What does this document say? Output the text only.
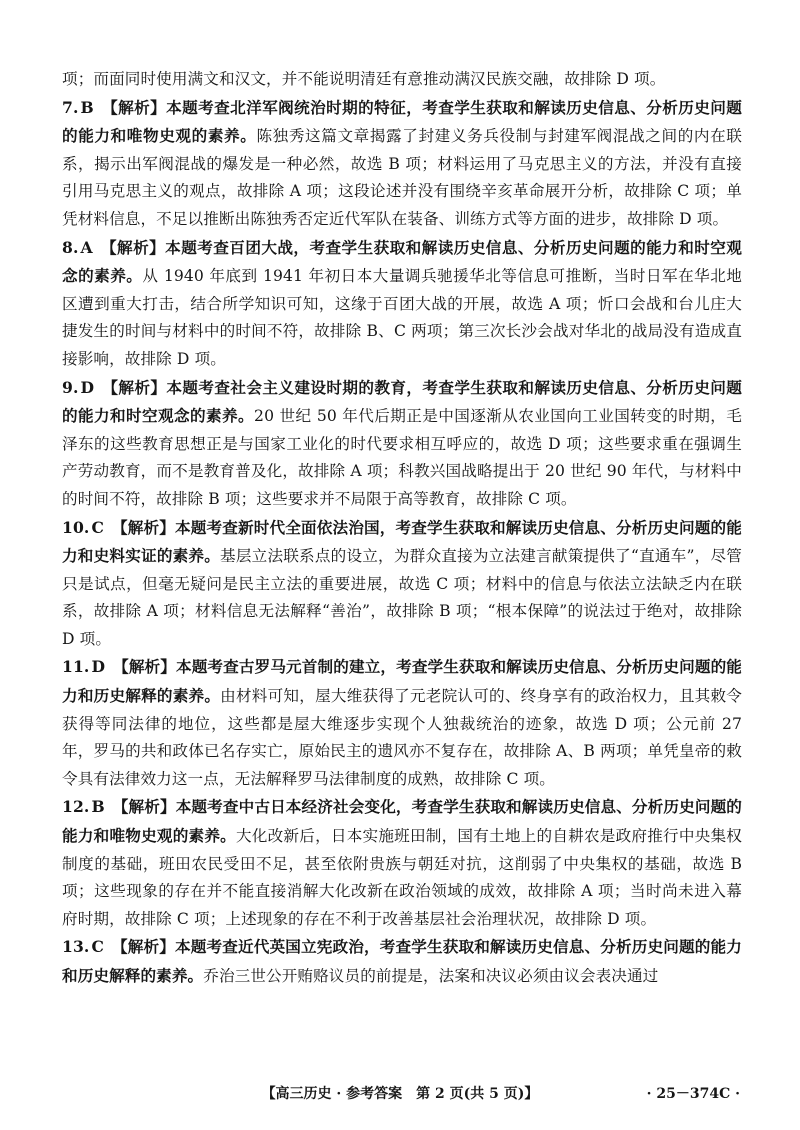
项；而面同时使用满文和汉文，并不能说明清廷有意推动满汉民族交融，故排除 D 项。

7. B 【解析】本题考查北洋军阀统治时期的特征，考查学生获取和解读历史信息、分析历史问题的能力和唯物史观的素养。陈独秀这篇文章揭露了封建义务兵役制与封建军阀混战之间的内在联系，揭示出军阀混战的爆发是一种必然，故选 B 项；材料运用了马克思主义的方法，并没有直接引用马克思主义的观点，故排除 A 项；这段论述并没有围绕辛亥革命展开分析，故排除 C 项；单凭材料信息，不足以推断出陈独秀否定近代军队在装备、训练方式等方面的进步，故排除 D 项。

8. A 【解析】本题考查百团大战，考查学生获取和解读历史信息、分析历史问题的能力和时空观念的素养。从 1940 年底到 1941 年初日本大量调兵驰援华北等信息可推断，当时日军在华北地区遭到重大打击，结合所学知识可知，这缘于百团大战的开展，故选 A 项；忻口会战和台儿庄大捷发生的时间与材料中的时间不符，故排除 B、C 两项；第三次长沙会战对华北的战局没有造成直接影响，故排除 D 项。

9. D 【解析】本题考查社会主义建设时期的教育，考查学生获取和解读历史信息、分析历史问题的能力和时空观念的素养。20 世纪 50 年代后期正是中国逐渐从农业国向工业国转变的时期，毛泽东的这些教育思想正是与国家工业化的时代要求相互呼应的，故选 D 项；这些要求重在强调生产劳动教育，而不是教育普及化，故排除 A 项；科教兴国战略提出于 20 世纪 90 年代，与材料中的时间不符，故排除 B 项；这些要求并不局限于高等教育，故排除 C 项。

10. C 【解析】本题考查新时代全面依法治国，考查学生获取和解读历史信息、分析历史问题的能力和史料实证的素养。基层立法联系点的设立，为群众直接为立法建言献策提供了“直通车”，尽管只是试点，但毫无疑问是民主立法的重要进展，故选 C 项；材料中的信息与依法立法缺乏内在联系，故排除 A 项；材料信息无法解释“善治”，故排除 B 项；“根本保障”的说法过于绝对，故排除 D 项。

11. D 【解析】本题考查古罗马元首制的建立，考查学生获取和解读历史信息、分析历史问题的能力和历史解释的素养。由材料可知，屋大维获得了元老院认可的、终身享有的政治权力，且其敕令获得等同法律的地位，这些都是屋大维逐步实现个人独裁统治的迹象，故选 D 项；公元前 27 年，罗马的共和政体已名存实亡，原始民主的遗风亦不复存在，故排除 A、B 两项；单凭皇帝的敕令具有法律效力这一点，无法解释罗马法律制度的成熟，故排除 C 项。

12. B 【解析】本题考查中古日本经济社会变化，考查学生获取和解读历史信息、分析历史问题的能力和唯物史观的素养。大化改新后，日本实施班田制，国有土地上的自耕农是政府推行中央集权制度的基础，班田农民受田不足，甚至依附贵族与朝廷对抗，这削弱了中央集权的基础，故选 B 项；这些现象的存在并不能直接消解大化改新在政治领域的成效，故排除 A 项；当时尚未进入幕府时期，故排除 C 项；上述现象的存在不利于改善基层社会治理状况，故排除 D 项。

13. C 【解析】本题考查近代英国立宪政治，考查学生获取和解读历史信息、分析历史问题的能力和历史解释的素养。乔治三世公开贿赂议员的前提是，法案和决议必须由议会表决通过

【高三历史 · 参考答案　第 2 页(共 5 页)】	· 25－374C ·
